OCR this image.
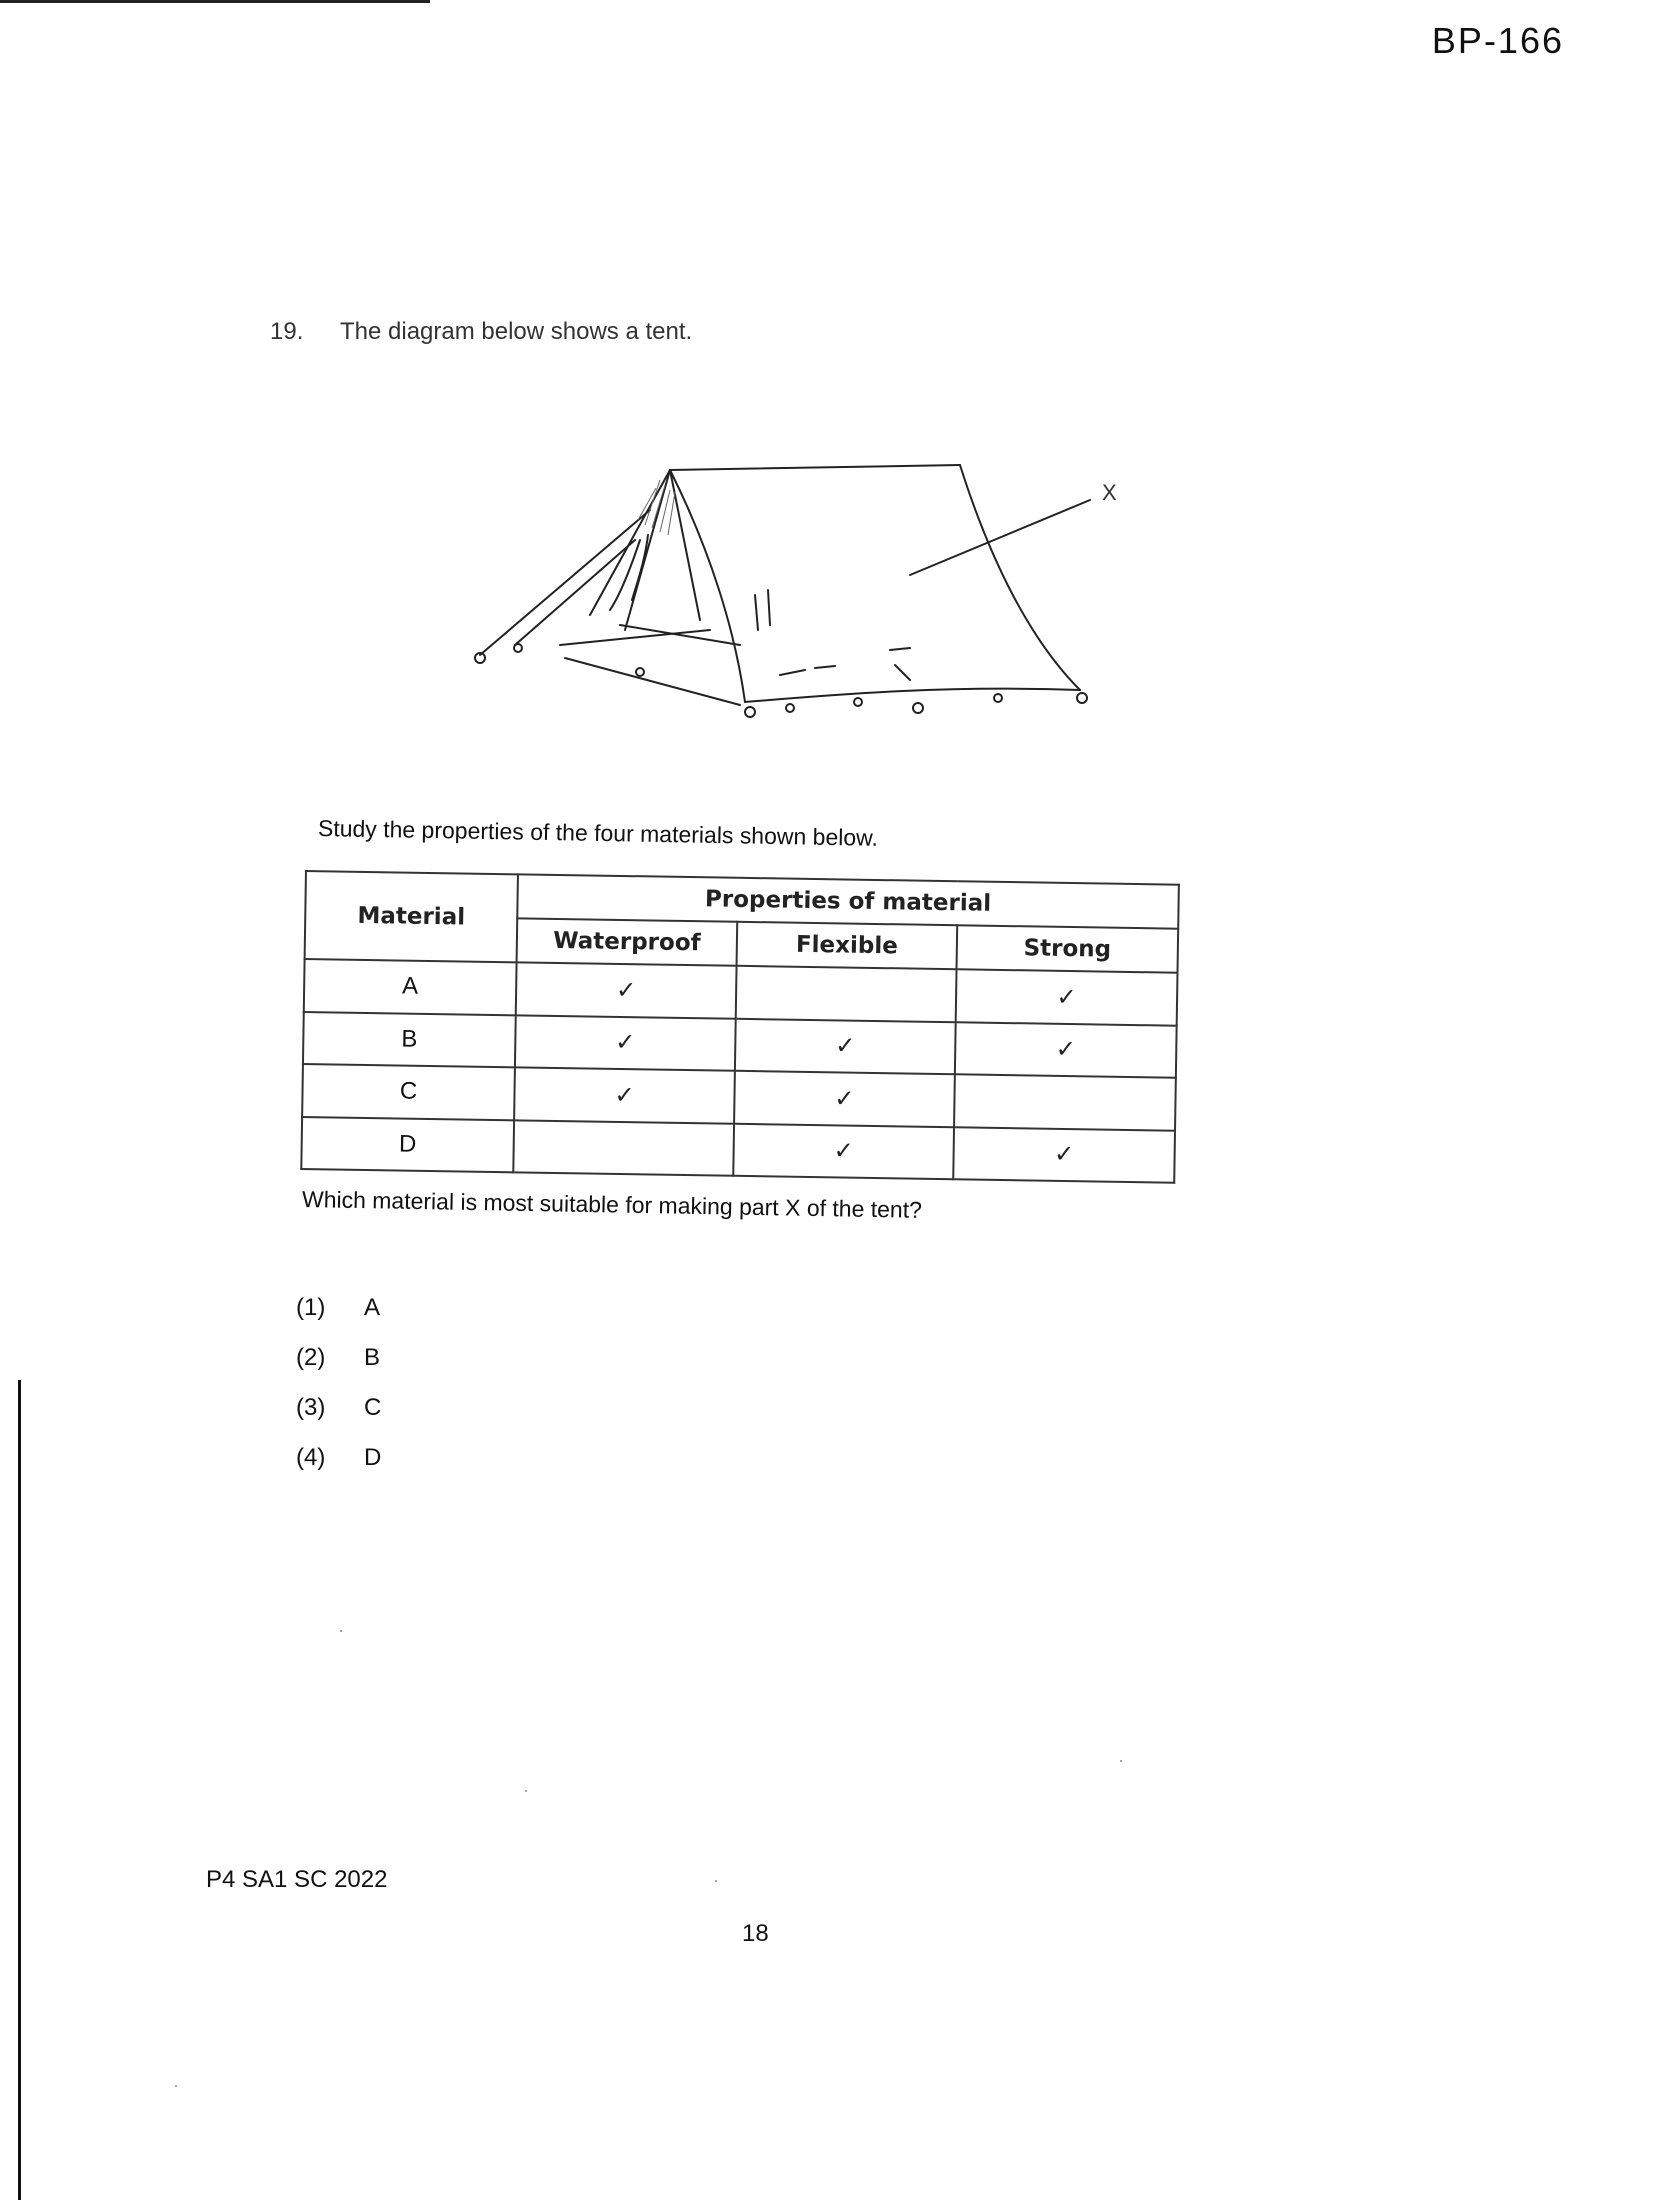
BP-166
19. The diagram below shows a tent.
X
Study the properties of the four materials shown below.
Material	Properties of material		
	Waterproof	Flexible	Strong
A	✓		✓
B	✓	✓	✓
C	✓	✓	
D		✓	✓
Which material is most suitable for making part X of the tent?
(1) A
(2) B
(3) C
(4) D
P4 SA1 SC 2022
18
